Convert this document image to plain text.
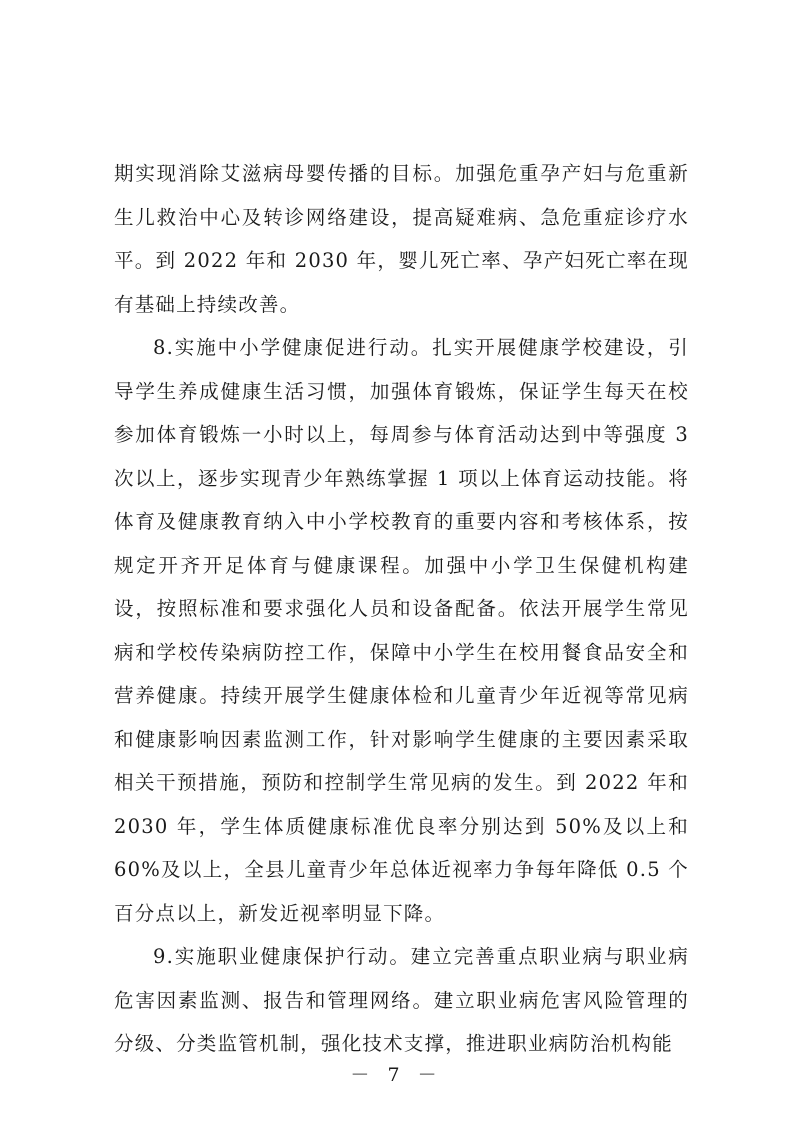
期实现消除艾滋病母婴传播的目标。加强危重孕产妇与危重新生儿救治中心及转诊网络建设，提高疑难病、急危重症诊疗水平。到 2022 年和 2030 年，婴儿死亡率、孕产妇死亡率在现有基础上持续改善。

8.实施中小学健康促进行动。扎实开展健康学校建设，引导学生养成健康生活习惯，加强体育锻炼，保证学生每天在校参加体育锻炼一小时以上，每周参与体育活动达到中等强度 3 次以上，逐步实现青少年熟练掌握 1 项以上体育运动技能。将体育及健康教育纳入中小学校教育的重要内容和考核体系，按规定开齐开足体育与健康课程。加强中小学卫生保健机构建设，按照标准和要求强化人员和设备配备。依法开展学生常见病和学校传染病防控工作，保障中小学生在校用餐食品安全和营养健康。持续开展学生健康体检和儿童青少年近视等常见病和健康影响因素监测工作，针对影响学生健康的主要因素采取相关干预措施，预防和控制学生常见病的发生。到 2022 年和 2030 年，学生体质健康标准优良率分别达到 50%及以上和 60%及以上，全县儿童青少年总体近视率力争每年降低 0.5 个百分点以上，新发近视率明显下降。

9.实施职业健康保护行动。建立完善重点职业病与职业病危害因素监测、报告和管理网络。建立职业病危害风险管理的分级、分类监管机制，强化技术支撑，推进职业病防治机构能

－ 7 －
